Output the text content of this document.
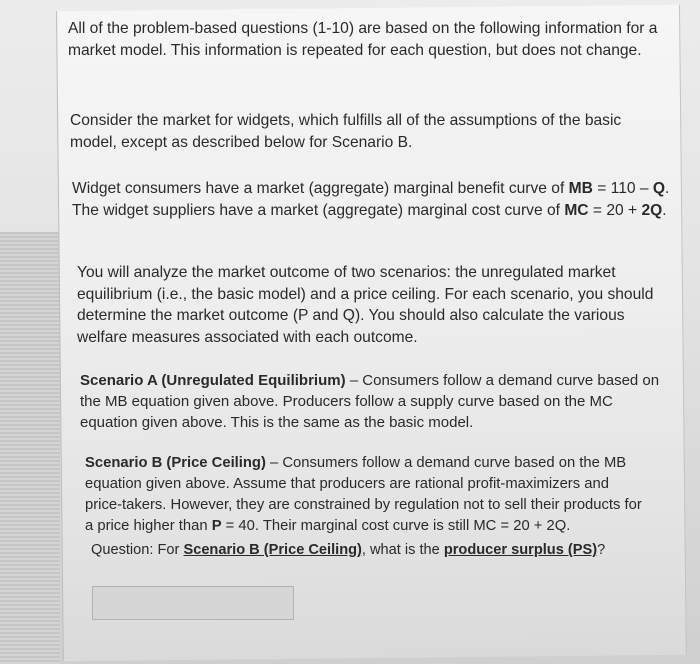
All of the problem-based questions (1-10) are based on the following information for a market model. This information is repeated for each question, but does not change.

Consider the market for widgets, which fulfills all of the assumptions of the basic model, except as described below for Scenario B.

Widget consumers have a market (aggregate) marginal benefit curve of MB = 110 – Q. The widget suppliers have a market (aggregate) marginal cost curve of MC = 20 + 2Q.

You will analyze the market outcome of two scenarios: the unregulated market equilibrium (i.e., the basic model) and a price ceiling. For each scenario, you should determine the market outcome (P and Q). You should also calculate the various welfare measures associated with each outcome.

Scenario A (Unregulated Equilibrium) – Consumers follow a demand curve based on the MB equation given above. Producers follow a supply curve based on the MC equation given above. This is the same as the basic model.

Scenario B (Price Ceiling) – Consumers follow a demand curve based on the MB equation given above. Assume that producers are rational profit-maximizers and price-takers. However, they are constrained by regulation not to sell their products for a price higher than P = 40. Their marginal cost curve is still MC = 20 + 2Q.

Question: For Scenario B (Price Ceiling), what is the producer surplus (PS)?
